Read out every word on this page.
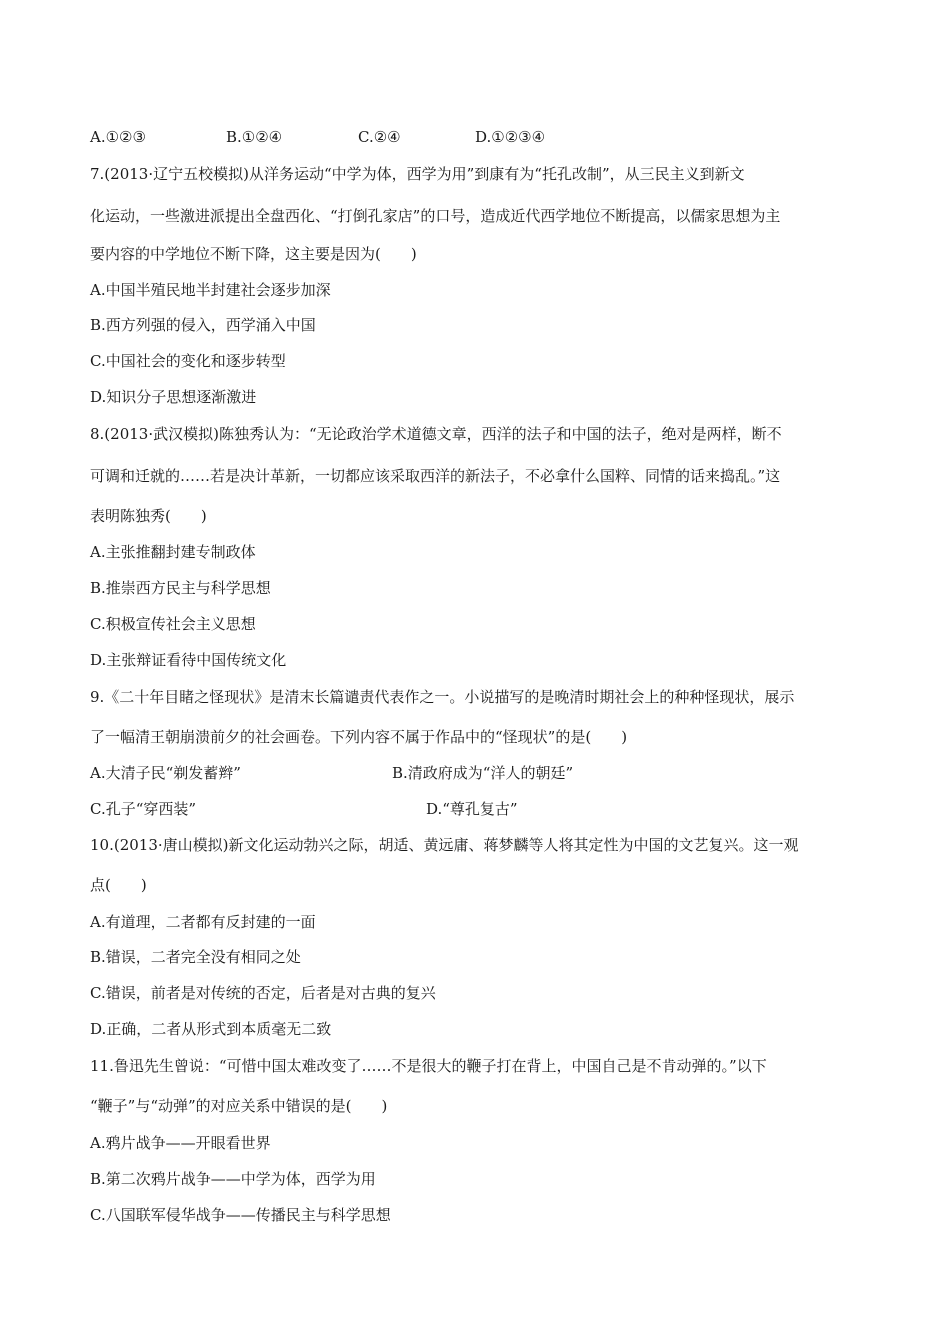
A.①②③	B.①②④	C.②④	D.①②③④
7.(2013·辽宁五校模拟)从洋务运动“中学为体，西学为用”到康有为“托孔改制”，从三民主义到新文
化运动，一些激进派提出全盘西化、“打倒孔家店”的口号，造成近代西学地位不断提高，以儒家思想为主
要内容的中学地位不断下降，这主要是因为(　　)
A.中国半殖民地半封建社会逐步加深
B.西方列强的侵入，西学涌入中国
C.中国社会的变化和逐步转型
D.知识分子思想逐渐激进
8.(2013·武汉模拟)陈独秀认为：“无论政治学术道德文章，西洋的法子和中国的法子，绝对是两样，断不
可调和迁就的……若是决计革新，一切都应该采取西洋的新法子，不必拿什么国粹、同情的话来捣乱。”这
表明陈独秀(　　)
A.主张推翻封建专制政体
B.推崇西方民主与科学思想
C.积极宣传社会主义思想
D.主张辩证看待中国传统文化
9.《二十年目睹之怪现状》是清末长篇谴责代表作之一。小说描写的是晚清时期社会上的种种怪现状，展示
了一幅清王朝崩溃前夕的社会画卷。下列内容不属于作品中的“怪现状”的是(　　)
A.大清子民“剃发蓄辫”	B.清政府成为“洋人的朝廷”
C.孔子“穿西装”	D.“尊孔复古”
10.(2013·唐山模拟)新文化运动勃兴之际，胡适、黄远庸、蒋梦麟等人将其定性为中国的文艺复兴。这一观
点(　　)
A.有道理，二者都有反封建的一面
B.错误，二者完全没有相同之处
C.错误，前者是对传统的否定，后者是对古典的复兴
D.正确，二者从形式到本质毫无二致
11.鲁迅先生曾说：“可惜中国太难改变了……不是很大的鞭子打在背上，中国自己是不肯动弹的。”以下
“鞭子”与“动弹”的对应关系中错误的是(　　)
A.鸦片战争——开眼看世界
B.第二次鸦片战争——中学为体，西学为用
C.八国联军侵华战争——传播民主与科学思想
